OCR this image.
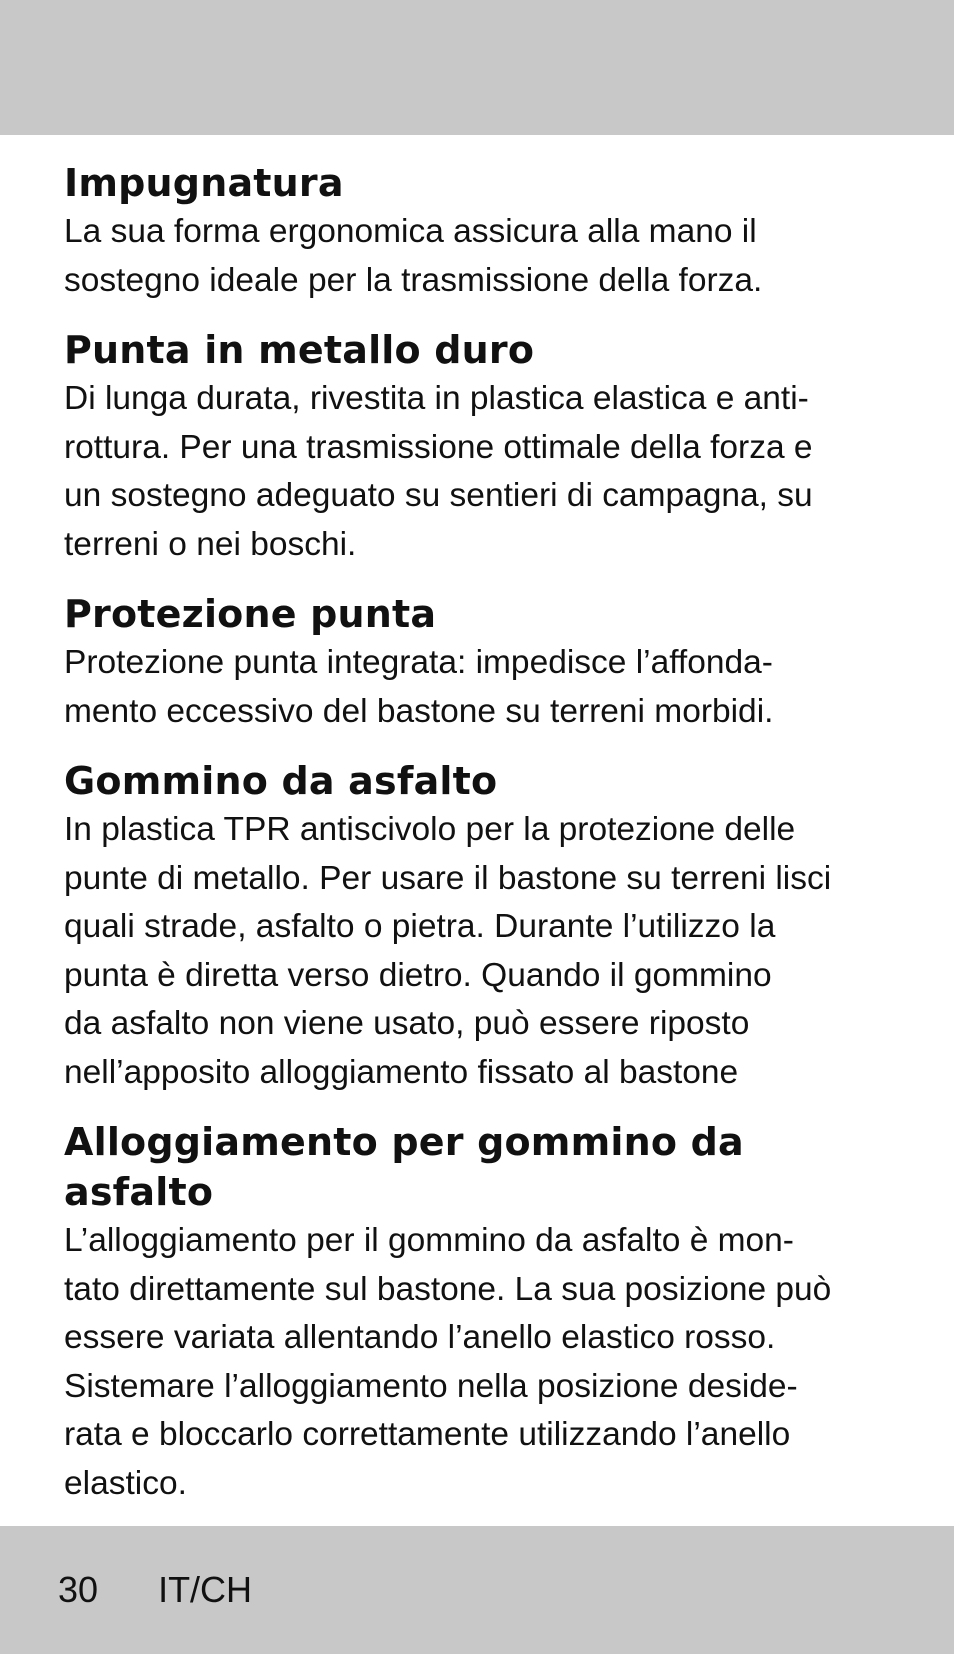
Impugnatura
La sua forma ergonomica assicura alla mano il
sostegno ideale per la trasmissione della forza.
Punta in metallo duro
Di lunga durata, rivestita in plastica elastica e anti-
rottura. Per una trasmissione ottimale della forza e
un sostegno adeguato su sentieri di campagna, su
terreni o nei boschi.
Protezione punta
Protezione punta integrata: impedisce l’affonda-
mento eccessivo del bastone su terreni morbidi.
Gommino da asfalto
In plastica TPR antiscivolo per la protezione delle
punte di metallo. Per usare il bastone su terreni lisci
quali strade, asfalto o pietra. Durante l’utilizzo la
punta è diretta verso dietro. Quando il gommino
da asfalto non viene usato, può essere riposto
nell’apposito alloggiamento fissato al bastone
Alloggiamento per gommino da
asfalto
L’alloggiamento per il gommino da asfalto è mon-
tato direttamente sul bastone. La sua posizione può
essere variata allentando l’anello elastico rosso.
Sistemare l’alloggiamento nella posizione deside-
rata e bloccarlo correttamente utilizzando l’anello
elastico.
30 IT/CH
